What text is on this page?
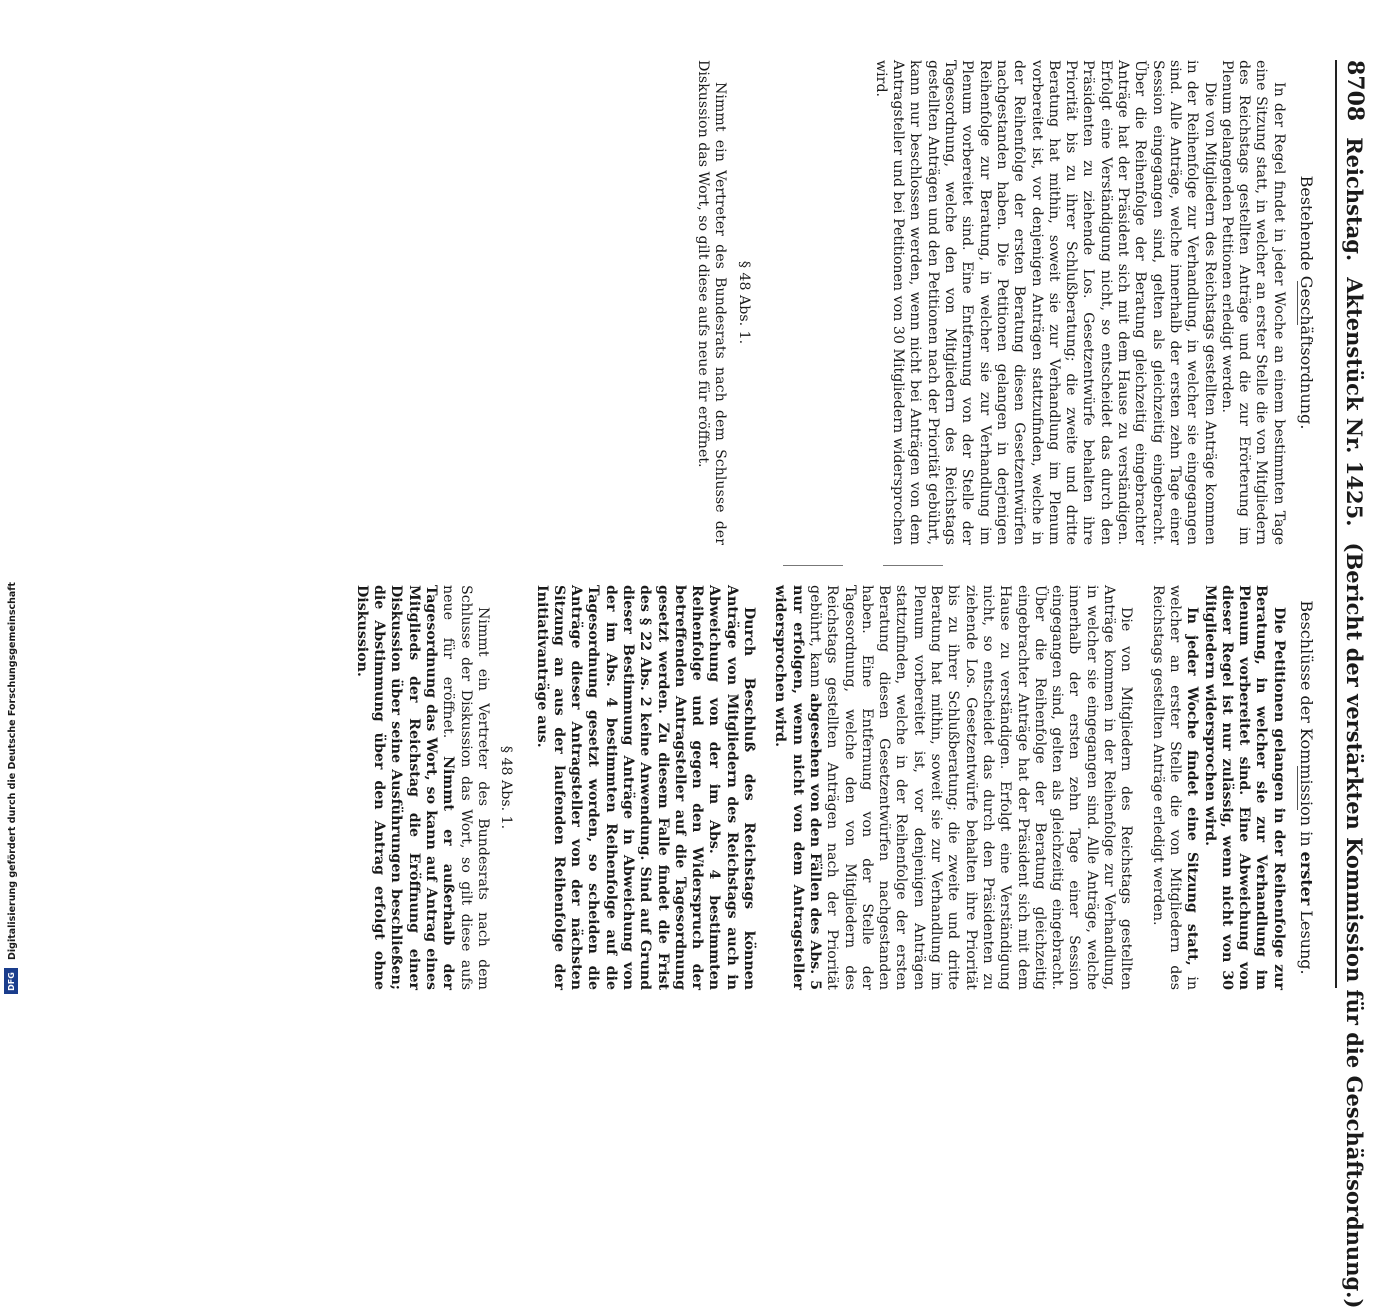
8708
Reichstag.
Aktenstück Nr. 1425.
(Bericht der verstärkten Kommission für die Geschäftsordnung.)

Bestehende Geschäftsordnung.

In der Regel findet in jeder Woche an einem bestimmten Tage eine Sitzung statt, in welcher an erster Stelle die von Mitgliedern des Reichstags gestellten Anträge und die zur Erörterung im Plenum gelangenden Petitionen erledigt werden.

Die von Mitgliedern des Reichstags gestellten Anträge kommen in der Reihenfolge zur Verhandlung, in welcher sie eingegangen sind. Alle Anträge, welche innerhalb der ersten zehn Tage einer Session eingegangen sind, gelten als gleichzeitig eingebracht. Über die Reihenfolge der Beratung gleichzeitig eingebrachter Anträge hat der Präsident sich mit dem Hause zu verständigen. Erfolgt eine Verständigung nicht, so entscheidet das durch den Präsidenten zu ziehende Los. Gesetzentwürfe behalten ihre Priorität bis zu ihrer Schlußberatung; die zweite und dritte Beratung hat mithin, soweit sie zur Verhandlung im Plenum vorbereitet ist, vor denjenigen Anträgen stattzufinden, welche in der Reihenfolge der ersten Beratung diesen Gesetzentwürfen nachgestanden haben. Die Petitionen gelangen in derjenigen Reihenfolge zur Beratung, in welcher sie zur Verhandlung im Plenum vorbereitet sind. Eine Entfernung von der Stelle der Tagesordnung, welche den von Mitgliedern des Reichstags gestellten Anträgen und den Petitionen nach der Priorität gebührt, kann nur beschlossen werden, wenn nicht bei Anträgen von dem Antragsteller und bei Petitionen von 30 Mitgliedern widersprochen wird.

§ 48 Abs. 1.

Nimmt ein Vertreter des Bundesrats nach dem Schlusse der Diskussion das Wort, so gilt diese aufs neue für eröffnet.

Beschlüsse der Kommission in erster Lesung.

Die Petitionen gelangen in der Reihenfolge zur Beratung, in welcher sie zur Verhandlung im Plenum vorbereitet sind. Eine Abweichung von dieser Regel ist nur zulässig, wenn nicht von 30 Mitgliedern widersprochen wird.

In jeder Woche findet eine Sitzung statt, in welcher an erster Stelle die von Mitgliedern des Reichstags gestellten Anträge erledigt werden.

Die von Mitgliedern des Reichstags gestellten Anträge kommen in der Reihenfolge zur Verhandlung, in welcher sie eingegangen sind. Alle Anträge, welche innerhalb der ersten zehn Tage einer Session eingegangen sind, gelten als gleichzeitig eingebracht. Über die Reihenfolge der Beratung gleichzeitig eingebrachter Anträge hat der Präsident sich mit dem Hause zu verständigen. Erfolgt eine Verständigung nicht, so entscheidet das durch den Präsidenten zu ziehende Los. Gesetzentwürfe behalten ihre Priorität bis zu ihrer Schlußberatung; die zweite und dritte Beratung hat mithin, soweit sie zur Verhandlung im Plenum vorbereitet ist, vor denjenigen Anträgen stattzufinden, welche in der Reihenfolge der ersten Beratung diesen Gesetzentwürfen nachgestanden haben. Eine Entfernung von der Stelle der Tagesordnung, welche den von Mitgliedern des Reichstags gestellten Anträgen nach der Priorität gebührt, kann abgesehen von den Fällen des Abs. 5 nur erfolgen, wenn nicht von dem Antragsteller widersprochen wird.

Durch Beschluß des Reichstags können Anträge von Mitgliedern des Reichstags auch in Abweichung von der im Abs. 4 bestimmten Reihenfolge und gegen den Widerspruch der betreffenden Antragsteller auf die Tagesordnung gesetzt werden. Zu diesem Falle findet die Frist des § 22 Abs. 2 keine Anwendung. Sind auf Grund dieser Bestimmung Anträge in Abweichung von der im Abs. 4 bestimmten Reihenfolge auf die Tagesordnung gesetzt worden, so scheiden die Anträge dieser Antragsteller von der nächsten Sitzung an aus der laufenden Reihenfolge der Initiativanträge aus.

§ 48 Abs. 1.

Nimmt ein Vertreter des Bundesrats nach dem Schlusse der Diskussion das Wort, so gilt diese aufs neue für eröffnet. Nimmt er außerhalb der Tagesordnung das Wort, so kann auf Antrag eines Mitglieds der Reichstag die Eröffnung einer Diskussion über seine Ausführungen beschließen; die Abstimmung über den Antrag erfolgt ohne Diskussion.

Digitalisierung gefördert durch die Deutsche Forschungsgemeinschaft
DFG
